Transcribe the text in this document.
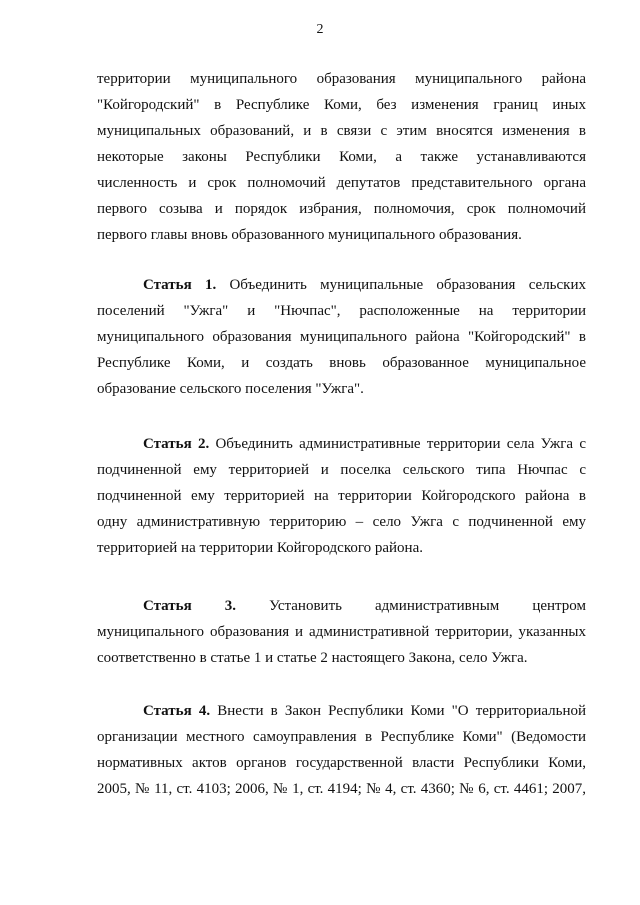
2
территории муниципального образования муниципального района
"Койгородский" в Республике Коми, без изменения границ иных
муниципальных образований, и в связи с этим вносятся изменения в
некоторые законы Республики Коми, а также устанавливаются
численность и срок полномочий депутатов представительного органа
первого созыва и порядок избрания, полномочия, срок полномочий
первого главы вновь образованного муниципального образования.
Статья 1. Объединить муниципальные образования сельских
поселений "Ужга" и "Нючпас", расположенные на территории
муниципального образования муниципального района "Койгородский" в
Республике Коми, и создать вновь образованное муниципальное
образование сельского поселения "Ужга".
Статья 2. Объединить административные территории села Ужга с
подчиненной ему территорией и поселка сельского типа Нючпас с
подчиненной ему территорией на территории Койгородского района в
одну административную территорию – село Ужга с подчиненной ему
территорией на территории Койгородского района.
Статья 3. Установить административным центром
муниципального образования и административной территории, указанных
соответственно в статье 1 и статье 2 настоящего Закона, село Ужга.
Статья 4. Внести в Закон Республики Коми "О территориальной
организации местного самоуправления в Республике Коми" (Ведомости
нормативных актов органов государственной власти Республики Коми,
2005, № 11, ст. 4103; 2006, № 1, ст. 4194; № 4, ст. 4360; № 6, ст. 4461; 2007,
